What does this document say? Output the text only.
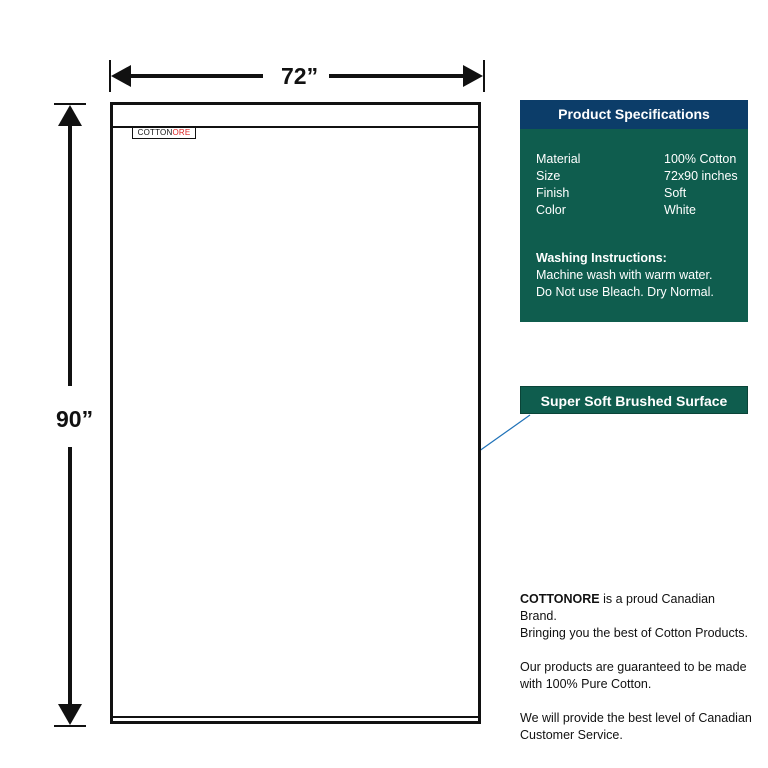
72”
90”
COTTONORE
Product Specifications
Material	100% Cotton
Size	72x90 inches
Finish	Soft
Color	White
Washing Instructions:
Machine wash with warm water.
Do Not use Bleach. Dry Normal.
Super Soft Brushed Surface

COTTONORE is a proud Canadian Brand.
Bringing you the best of Cotton Products.

Our products are guaranteed to be made
with 100% Pure Cotton.

We will provide the best level of Canadian
Customer Service.
